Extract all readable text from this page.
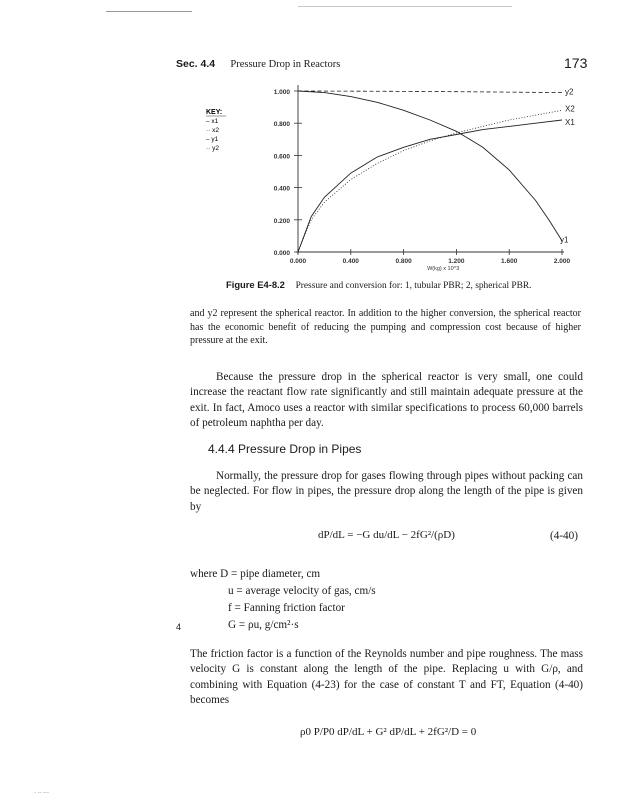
Sec. 4.4 Pressure Drop in Reactors	173
KEY:
– x1
·· x2
– y1
·· y2
0.000
0.200
0.400
0.600
0.800
1.000
0.000	0.400	0.800	1.200	1.600	2.000
W(kg) x 10^3
X1
X2
y1
y2
Figure E4-8.2 Pressure and conversion for: 1, tubular PBR; 2, spherical PBR.

and y2 represent the spherical reactor. In addition to the higher conversion, the spherical reactor has the economic benefit of reducing the pumping and compression cost because of higher pressure at the exit.

Because the pressure drop in the spherical reactor is very small, one could increase the reactant flow rate significantly and still maintain adequate pressure at the exit. In fact, Amoco uses a reactor with similar specifications to process 60,000 barrels of petroleum naphtha per day.

4.4.4 Pressure Drop in Pipes

Normally, the pressure drop for gases flowing through pipes without packing can be neglected. For flow in pipes, the pressure drop along the length of the pipe is given by

dP/dL = −G du/dL − 2fG²/(ρD)	(4-40)
where D = pipe diameter, cm
u = average velocity of gas, cm/s
f = Fanning friction factor
G = ρu, g/cm²·s
4

The friction factor is a function of the Reynolds number and pipe roughness. The mass velocity G is constant along the length of the pipe. Replacing u with G/ρ, and combining with Equation (4-23) for the case of constant T and FT, Equation (4-40) becomes

ρ0 P/P0 dP/dL + G² dP/dL + 2fG²/D = 0
- -- ---
